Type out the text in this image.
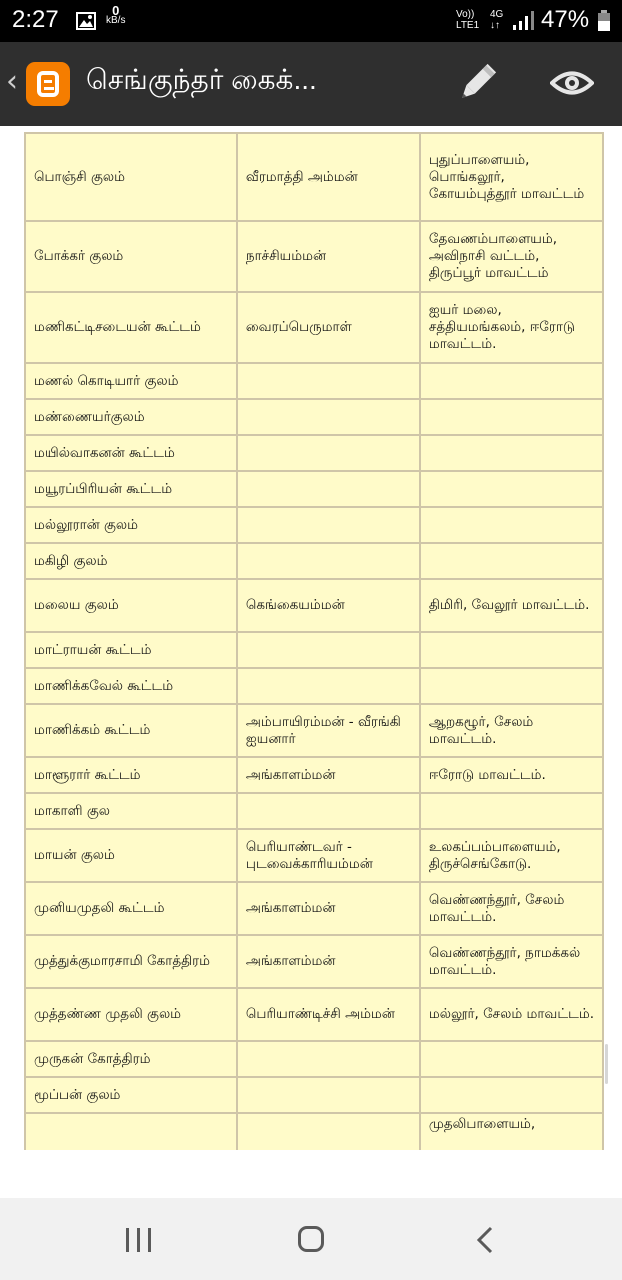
2:27	0
kB/s
Vo))
LTE1
4G
↓↑ 47%
‹ செங்குந்தர் கைக்...
பொஞ்சி குலம்	வீரமாத்தி அம்மன்	புதுப்பாளையம், பொங்கலூர், கோயம்புத்தூர் மாவட்டம்
போக்கர் குலம்	நாச்சியம்மன்	தேவணம்பாளையம், அவிநாசி வட்டம், திருப்பூர் மாவட்டம்
மணிகட்டிசடையன் கூட்டம்	வைரப்பெருமாள்	ஐயர் மலை, சத்தியமங்கலம், ஈரோடு மாவட்டம்.
மணல் கொடியார் குலம்		
மண்ணையர்குலம்		
மயில்வாகனன் கூட்டம்		
மயூரப்பிரியன் கூட்டம்		
மல்லூரான் குலம்		
மகிழி குலம்		
மலைய குலம்	கெங்கையம்மன்	திமிரி, வேலூர் மாவட்டம்.
மாட்ராயன் கூட்டம்		
மாணிக்கவேல் கூட்டம்		
மாணிக்கம் கூட்டம்	அம்பாயிரம்மன் - வீரங்கி ஐயனார்	ஆறகழூர், சேலம் மாவட்டம்.
மாளூரார் கூட்டம்	அங்காளம்மன்	ஈரோடு மாவட்டம்.
மாகாளி குல		
மாயன் குலம்	பெரியாண்டவர் - புடவைக்காரியம்மன்	உலகப்பம்பாளையம், திருச்செங்கோடு.
முனியமுதலி கூட்டம்	அங்காளம்மன்	வெண்ணந்தூர், சேலம் மாவட்டம்.
முத்துக்குமாரசாமி கோத்திரம்	அங்காளம்மன்	வெண்ணந்தூர், நாமக்கல் மாவட்டம்.
முத்தண்ண முதலி குலம்	பெரியாண்டிச்சி அம்மன்	மல்லூர், சேலம் மாவட்டம்.
முருகன் கோத்திரம்		
மூப்பன் குலம்		
		முதலிபாளையம்,
